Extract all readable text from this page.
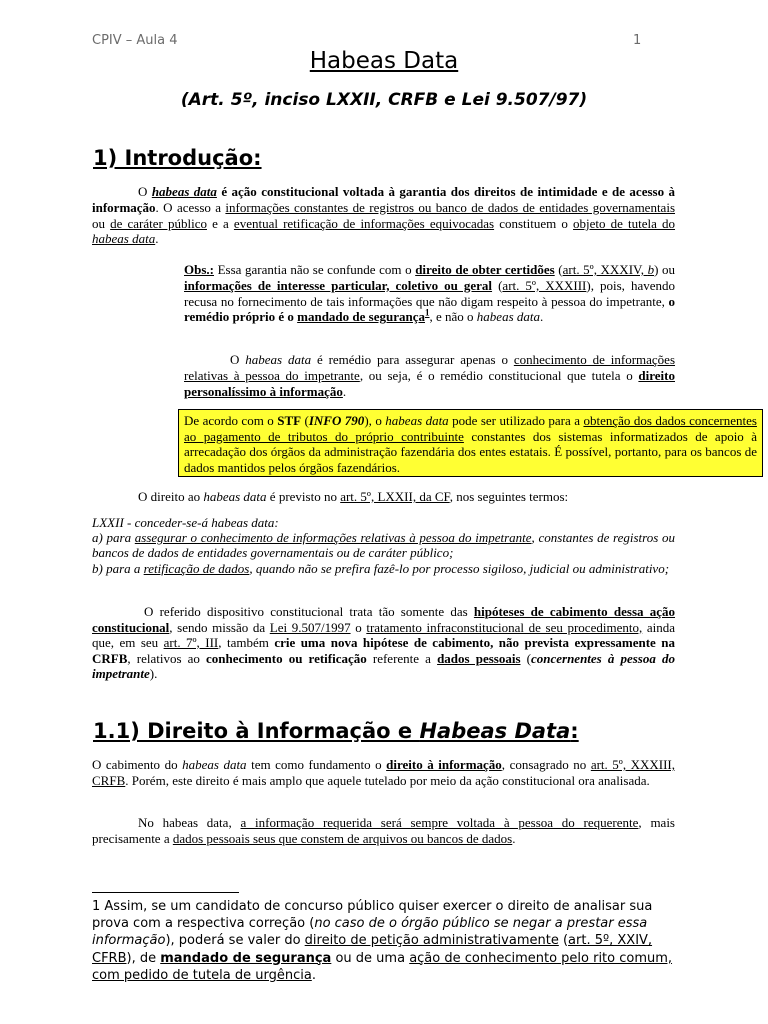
CPIV – Aula 4	1
Habeas Data
(Art. 5º, inciso LXXII, CRFB e Lei 9.507/97)
1) Introdução:
O habeas data é ação constitucional voltada à garantia dos direitos de intimidade e de acesso à informação. O acesso a informações constantes de registros ou banco de dados de entidades governamentais ou de caráter público e a eventual retificação de informações equivocadas constituem o objeto de tutela do habeas data.
Obs.: Essa garantia não se confunde com o direito de obter certidões (art. 5º, XXXIV, b) ou informações de interesse particular, coletivo ou geral (art. 5º, XXXIII), pois, havendo recusa no fornecimento de tais informações que não digam respeito à pessoa do impetrante, o remédio próprio é o mandado de segurança$^1$, e não o habeas data.
O habeas data é remédio para assegurar apenas o conhecimento de informações relativas à pessoa do impetrante, ou seja, é o remédio constitucional que tutela o direito personalíssimo à informação.
De acordo com o STF (INFO 790), o habeas data pode ser utilizado para a obtenção dos dados concernentes ao pagamento de tributos do próprio contribuinte constantes dos sistemas informatizados de apoio à arrecadação dos órgãos da administração fazendária dos entes estatais. É possível, portanto, para os bancos de dados mantidos pelos órgãos fazendários.
O direito ao habeas data é previsto no art. 5º, LXXII, da CF, nos seguintes termos:
LXXII - conceder-se-á habeas data:
a) para assegurar o conhecimento de informações relativas à pessoa do impetrante, constantes de registros ou bancos de dados de entidades governamentais ou de caráter público;
b) para a retificação de dados, quando não se prefira fazê-lo por processo sigiloso, judicial ou administrativo;
O referido dispositivo constitucional trata tão somente das hipóteses de cabimento dessa ação constitucional, sendo missão da Lei 9.507/1997 o tratamento infraconstitucional de seu procedimento, ainda que, em seu art. 7º, III, também crie uma nova hipótese de cabimento, não prevista expressamente na CRFB, relativos ao conhecimento ou retificação referente a dados pessoais (concernentes à pessoa do impetrante).
1.1) Direito à Informação e Habeas Data:
O cabimento do habeas data tem como fundamento o direito à informação, consagrado no art. 5º, XXXIII, CRFB. Porém, este direito é mais amplo que aquele tutelado por meio da ação constitucional ora analisada.
No habeas data, a informação requerida será sempre voltada à pessoa do requerente, mais precisamente a dados pessoais seus que constem de arquivos ou bancos de dados.
1 Assim, se um candidato de concurso público quiser exercer o direito de analisar sua prova com a respectiva correção (no caso de o órgão público se negar a prestar essa informação), poderá se valer do direito de petição administrativamente (art. 5º, XXIV, CFRB), de mandado de segurança ou de uma ação de conhecimento pelo rito comum, com pedido de tutela de urgência.
